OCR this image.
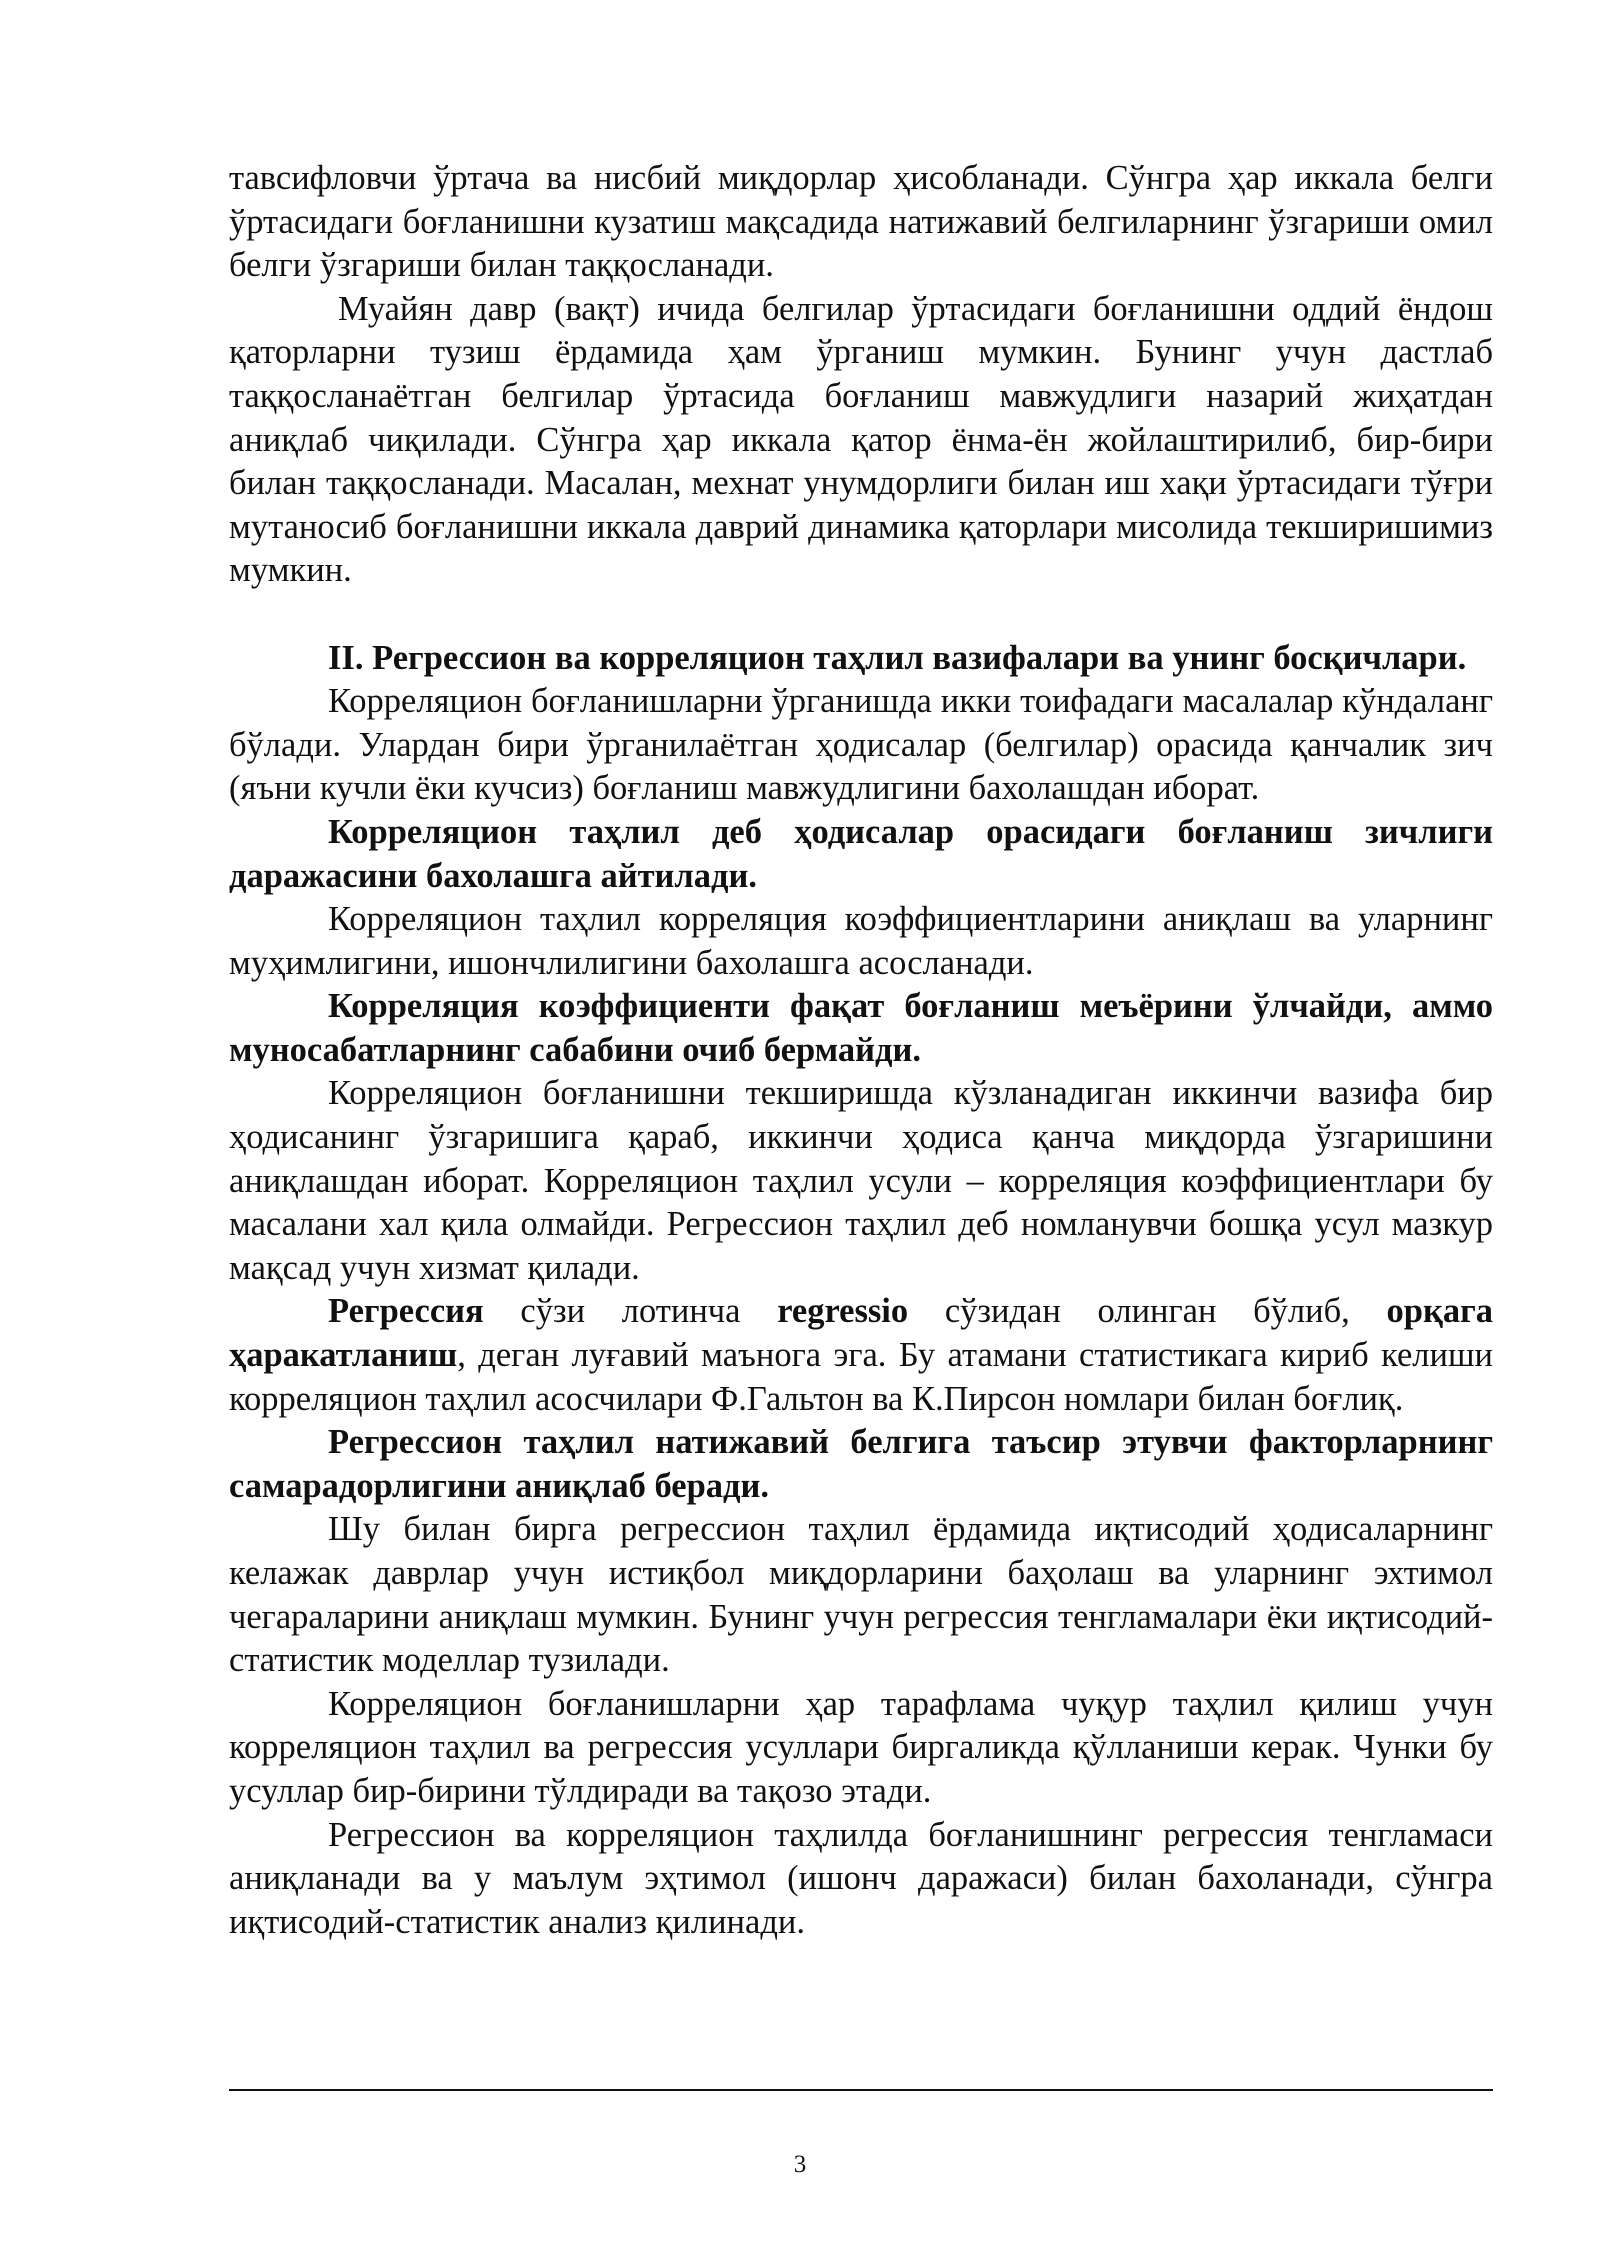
тавсифловчи ўртача ва нисбий миқдорлар ҳисобланади. Сўнгра ҳар иккала белги ўртасидаги боғланишни кузатиш мақсадида натижавий белгиларнинг ўзгариши омил белги ўзгариши билан таққосланади.

Муайян давр (вақт) ичида белгилар ўртасидаги боғланишни оддий ёндош қаторларни тузиш ёрдамида ҳам ўрганиш мумкин. Бунинг учун дастлаб таққосланаётган белгилар ўртасида боғланиш мавжудлиги назарий жиҳатдан аниқлаб чиқилади. Сўнгра ҳар иккала қатор ёнма-ён жойлаштирилиб, бир-бири билан таққосланади. Масалан, мехнат унумдорлиги билан иш хақи ўртасидаги тўғри мутаносиб боғланишни иккала даврий динамика қаторлари мисолида текширишимиз мумкин.

II. Регрессион ва корреляцион таҳлил вазифалари ва унинг босқичлари.

Корреляцион боғланишларни ўрганишда икки тоифадаги масалалар кўндаланг бўлади. Улардан бири ўрганилаётган ҳодисалар (белгилар) орасида қанчалик зич (яъни кучли ёки кучсиз) боғланиш мавжудлигини бахолашдан иборат.

Корреляцион таҳлил деб ҳодисалар орасидаги боғланиш зичлиги даражасини бахолашга айтилади.

Корреляцион таҳлил корреляция коэффициентларини аниқлаш ва уларнинг муҳимлигини, ишончлилигини бахолашга асосланади.

Корреляция коэффициенти фақат боғланиш меъёрини ўлчайди, аммо муносабатларнинг сабабини очиб бермайди.

Корреляцион боғланишни текширишда кўзланадиган иккинчи вазифа бир ҳодисанинг ўзгаришига қараб, иккинчи ҳодиса қанча миқдорда ўзгаришини аниқлашдан иборат. Корреляцион таҳлил усули – корреляция коэффициентлари бу масалани хал қила олмайди. Регрессион таҳлил деб номланувчи бошқа усул мазкур мақсад учун хизмат қилади.

Регрессия сўзи лотинча regressio сўзидан олинган бўлиб, орқага ҳаракатланиш, деган луғавий маънога эга. Бу атамани статистикага кириб келиши корреляцион таҳлил асосчилари Ф.Гальтон ва К.Пирсон номлари билан боғлиқ.

Регрессион таҳлил натижавий белгига таъсир этувчи факторларнинг самарадорлигини аниқлаб беради.

Шу билан бирга регрессион таҳлил ёрдамида иқтисодий ҳодисаларнинг келажак даврлар учун истиқбол миқдорларини баҳолаш ва уларнинг эхтимол чегараларини аниқлаш мумкин. Бунинг учун регрессия тенгламалари ёки иқтисодий-статистик моделлар тузилади.

Корреляцион боғланишларни ҳар тарафлама чуқур таҳлил қилиш учун корреляцион таҳлил ва регрессия усуллари биргаликда қўлланиши керак. Чунки бу усуллар бир-бирини тўлдиради ва тақозо этади.

Регрессион ва корреляцион таҳлилда боғланишнинг регрессия тенгламаси аниқланади ва у маълум эҳтимол (ишонч даражаси) билан бахоланади, сўнгра иқтисодий-статистик анализ қилинади.

3
